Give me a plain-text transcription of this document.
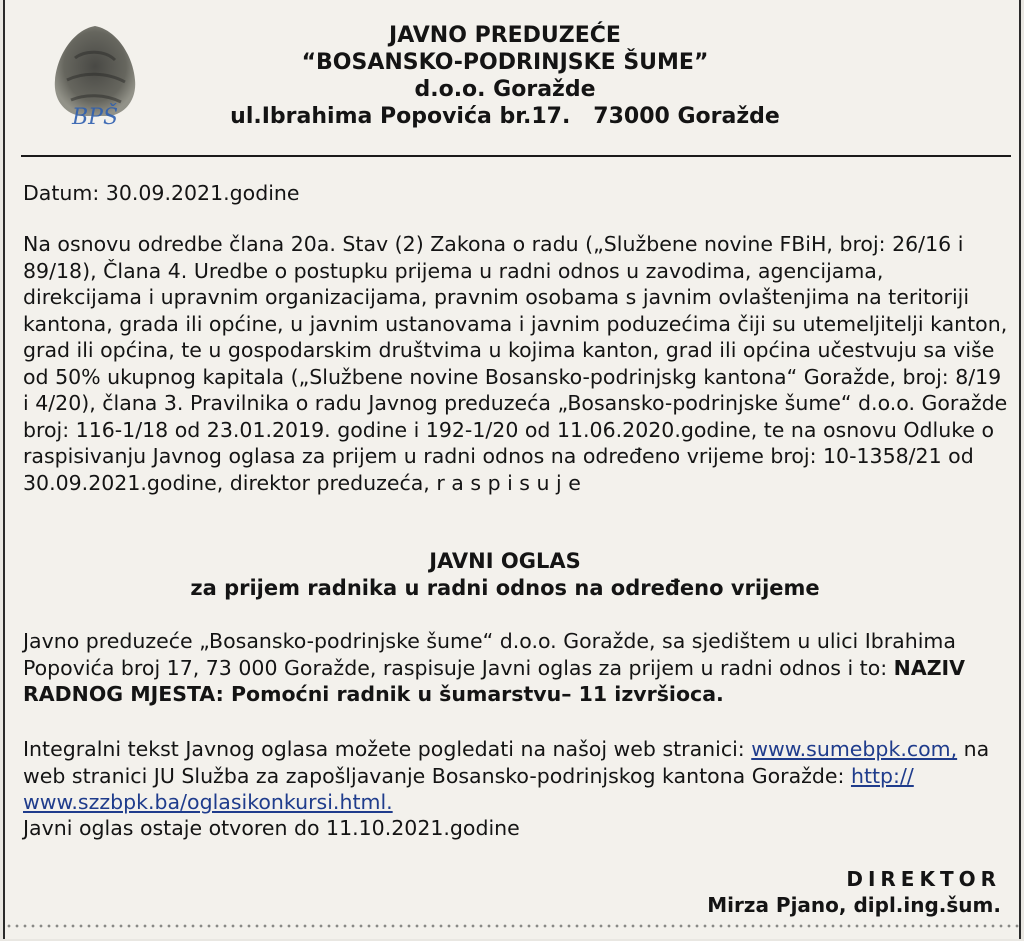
BPŠ
JAVNO PREDUZEĆE
“BOSANSKO-PODRINJSKE ŠUME”
d.o.o. Goražde
ul.Ibrahima Popovića br.17.   73000 Goražde
Datum: 30.09.2021.godine
Na osnovu odredbe člana 20a. Stav (2) Zakona o radu („Službene novine FBiH, broj: 26/16 i 89/18), Člana 4. Uredbe o postupku prijema u radni odnos u zavodima, agencijama, direkcijama i upravnim organizacijama, pravnim osobama s javnim ovlaštenjima na teritoriji kantona, grada ili općine, u javnim ustanovama i javnim poduzećima čiji su utemeljitelji kanton, grad ili općina, te u gospodarskim društvima u kojima kanton, grad ili općina učestvuju sa više od 50% ukupnog kapitala („Službene novine Bosansko-podrinjskg kantona“ Goražde, broj: 8/19 i 4/20), člana 3. Pravilnika o radu Javnog preduzeća „Bosansko-podrinjske šume“ d.o.o. Goražde broj: 116-1/18 od 23.01.2019. godine i 192-1/20 od 11.06.2020.godine, te na osnovu Odluke o raspisivanju Javnog oglasa za prijem u radni odnos na određeno vrijeme broj: 10-1358/21 od 30.09.2021.godine, direktor preduzeća, r a s p i s u j e
JAVNI OGLAS
za prijem radnika u radni odnos na određeno vrijeme
Javno preduzeće „Bosansko-podrinjske šume“ d.o.o. Goražde, sa sjedištem u ulici Ibrahima Popovića broj 17, 73 000 Goražde, raspisuje Javni oglas za prijem u radni odnos i to: NAZIV RADNOG MJESTA: Pomoćni radnik u šumarstvu– 11 izvršioca.
Integralni tekst Javnog oglasa možete pogledati na našoj web stranici: www.sumebpk.com, na web stranici JU Služba za zapošljavanje Bosansko-podrinjskog kantona Goražde: http://
www.szzbpk.ba/oglasikonkursi.html.
Javni oglas ostaje otvoren do 11.10.2021.godine
DIREKTOR
Mirza Pjano, dipl.ing.šum.
